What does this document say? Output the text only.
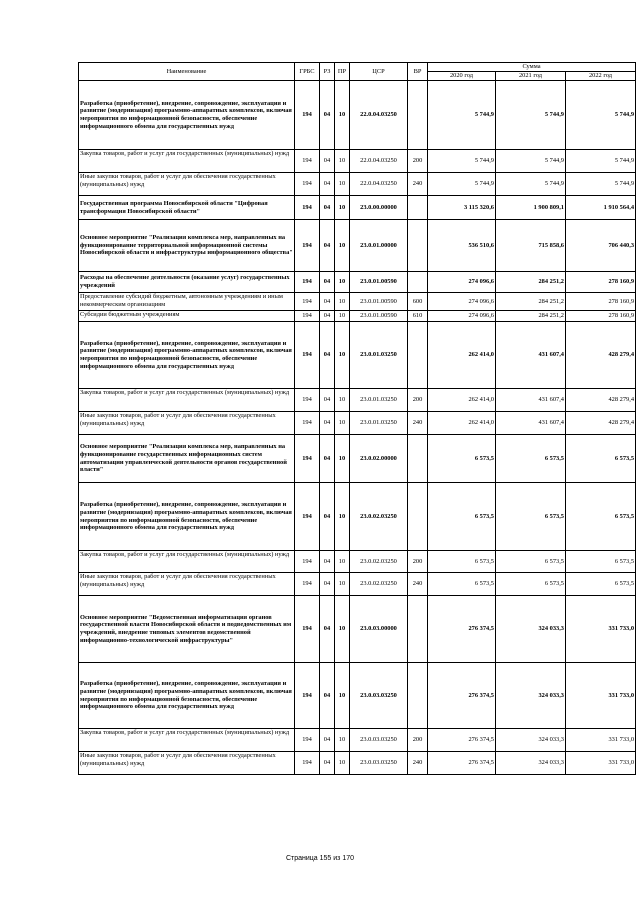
Наименование	ГРБС	РЗ	ПР	ЦСР	ВР	Сумма		
						2020 год	2021 год	2022 год
Разработка (приобретение), внедрение, сопровождение, эксплуатация и развитие (модернизация) программно-аппаратных комплексов, включая мероприятия по информационной безопасности, обеспечение информационного обмена для государственных нужд	194	04	10	22.0.04.03250		5 744,9	5 744,9	5 744,9
Закупка товаров, работ и услуг для государственных (муниципальных) нужд	194	04	10	22.0.04.03250	200	5 744,9	5 744,9	5 744,9
Иные закупки товаров, работ и услуг для обеспечения государственных (муниципальных) нужд	194	04	10	22.0.04.03250	240	5 744,9	5 744,9	5 744,9
Государственная программа Новосибирской области "Цифровая трансформация Новосибирской области"	194	04	10	23.0.00.00000		3 115 320,6	1 900 809,1	1 910 564,4
Основное мероприятие "Реализация комплекса мер, направленных на функционирование территориальной информационной системы Новосибирской области и инфраструктуры информационного общества"	194	04	10	23.0.01.00000		536 510,6	715 858,6	706 440,3
Расходы на обеспечение деятельности (оказание услуг) государственных учреждений	194	04	10	23.0.01.00590		274 096,6	284 251,2	278 160,9
Предоставление субсидий бюджетным, автономным учреждениям и иным некоммерческим организациям	194	04	10	23.0.01.00590	600	274 096,6	284 251,2	278 160,9
Субсидии бюджетным учреждениям	194	04	10	23.0.01.00590	610	274 096,6	284 251,2	278 160,9
Разработка (приобретение), внедрение, сопровождение, эксплуатация и развитие (модернизация) программно-аппаратных комплексов, включая мероприятия по информационной безопасности, обеспечение информационного обмена для государственных нужд	194	04	10	23.0.01.03250		262 414,0	431 607,4	428 279,4
Закупка товаров, работ и услуг для государственных (муниципальных) нужд	194	04	10	23.0.01.03250	200	262 414,0	431 607,4	428 279,4
Иные закупки товаров, работ и услуг для обеспечения государственных (муниципальных) нужд	194	04	10	23.0.01.03250	240	262 414,0	431 607,4	428 279,4
Основное мероприятие "Реализация комплекса мер, направленных на функционирование государственных информационных систем автоматизации управленческой деятельности органов государственной власти"	194	04	10	23.0.02.00000		6 573,5	6 573,5	6 573,5
Разработка (приобретение), внедрение, сопровождение, эксплуатация и развитие (модернизация) программно-аппаратных комплексов, включая мероприятия по информационной безопасности, обеспечение информационного обмена для государственных нужд	194	04	10	23.0.02.03250		6 573,5	6 573,5	6 573,5
Закупка товаров, работ и услуг для государственных (муниципальных) нужд	194	04	10	23.0.02.03250	200	6 573,5	6 573,5	6 573,5
Иные закупки товаров, работ и услуг для обеспечения государственных (муниципальных) нужд	194	04	10	23.0.02.03250	240	6 573,5	6 573,5	6 573,5
Основное мероприятие "Ведомственная информатизация органов государственной власти Новосибирской области и подведомственных им учреждений, внедрение типовых элементов ведомственной информационно-технологической инфраструктуры"	194	04	10	23.0.03.00000		276 374,5	324 033,3	331 733,0
Разработка (приобретение), внедрение, сопровождение, эксплуатация и развитие (модернизация) программно-аппаратных комплексов, включая мероприятия по информационной безопасности, обеспечение информационного обмена для государственных нужд	194	04	10	23.0.03.03250		276 374,5	324 033,3	331 733,0
Закупка товаров, работ и услуг для государственных (муниципальных) нужд	194	04	10	23.0.03.03250	200	276 374,5	324 033,3	331 733,0
Иные закупки товаров, работ и услуг для обеспечения государственных (муниципальных) нужд	194	04	10	23.0.03.03250	240	276 374,5	324 033,3	331 733,0
Страница 155 из 170
